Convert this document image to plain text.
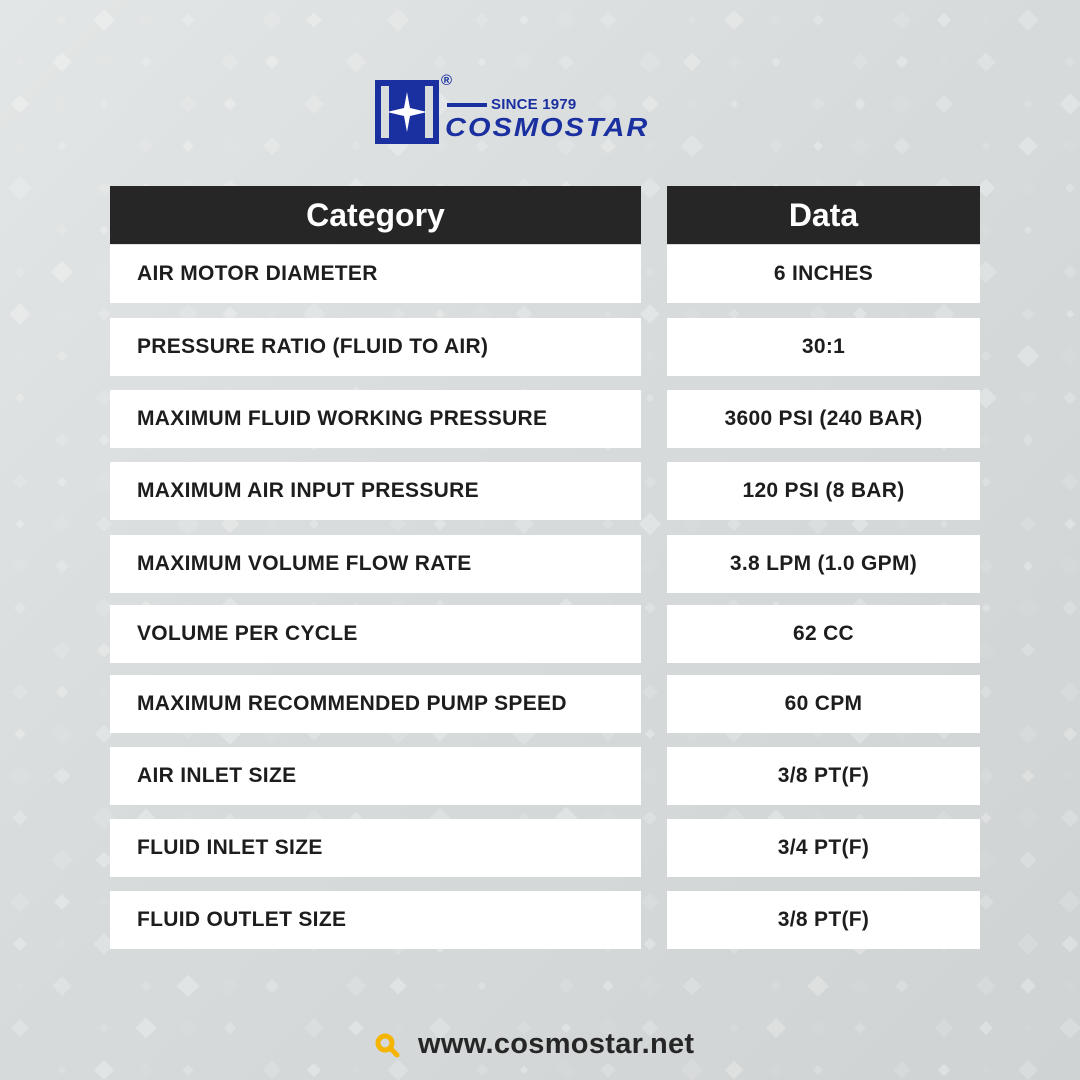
®
SINCE 1979
COSMOSTAR
Category	Data
AIR MOTOR DIAMETER	6 INCHES
PRESSURE RATIO (FLUID TO AIR)	30:1
MAXIMUM FLUID WORKING PRESSURE	3600 PSI (240 BAR)
MAXIMUM AIR INPUT PRESSURE	120 PSI (8 BAR)
MAXIMUM VOLUME FLOW RATE	3.8 LPM (1.0 GPM)
VOLUME PER CYCLE	62 CC
MAXIMUM RECOMMENDED PUMP SPEED	60 CPM
AIR INLET SIZE	3/8 PT(F)
FLUID INLET SIZE	3/4 PT(F)
FLUID OUTLET SIZE	3/8 PT(F)
www.cosmostar.net
